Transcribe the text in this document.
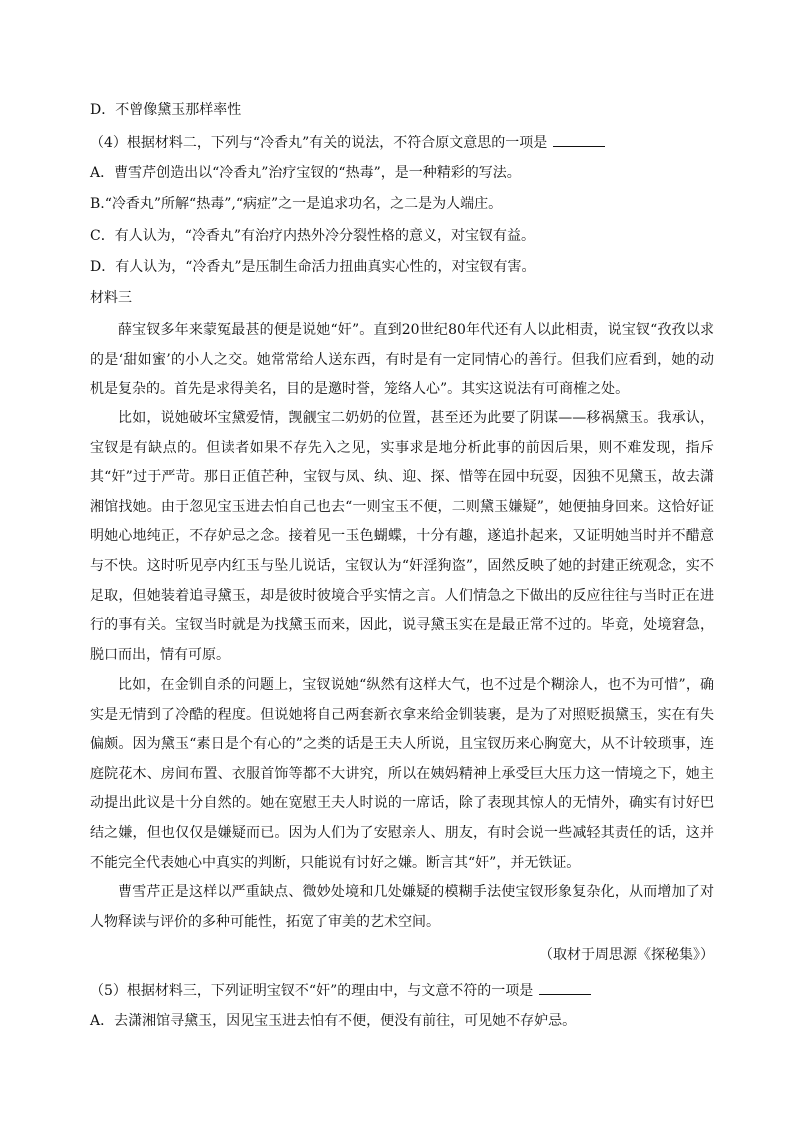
D．不曾像黛玉那样率性
（4）根据材料二，下列与“冷香丸”有关的说法，不符合原文意思的一项是
A．曹雪芹创造出以“冷香丸”治疗宝钗的“热毒”，是一种精彩的写法。
B.“冷香丸”所解“热毒”,“病症”之一是追求功名，之二是为人端庄。
C．有人认为，“冷香丸”有治疗内热外冷分裂性格的意义，对宝钗有益。
D．有人认为，“冷香丸”是压制生命活力扭曲真实心性的，对宝钗有害。
材料三
薛宝钗多年来蒙冤最甚的便是说她“奸”。直到20世纪80年代还有人以此相责，说宝钗“孜孜以求的是‘甜如蜜’的小人之交。她常常给人送东西，有时是有一定同情心的善行。但我们应看到，她的动机是复杂的。首先是求得美名，目的是邀时誉，笼络人心”。其实这说法有可商榷之处。
比如，说她破坏宝黛爱情，觊觎宝二奶奶的位置，甚至还为此要了阴谋——移祸黛玉。我承认，宝钗是有缺点的。但读者如果不存先入之见，实事求是地分析此事的前因后果，则不难发现，指斥其“奸”过于严苛。那日正值芒种，宝钗与凤、纨、迎、探、惜等在园中玩耍，因独不见黛玉，故去潇湘馆找她。由于忽见宝玉进去怕自己也去“一则宝玉不便，二则黛玉嫌疑”，她便抽身回来。这恰好证明她心地纯正，不存妒忌之念。接着见一玉色蝴蝶，十分有趣，遂追扑起来，又证明她当时并不醋意与不快。这时听见亭内红玉与坠儿说话，宝钗认为“奸淫狗盗”，固然反映了她的封建正统观念，实不足取，但她装着追寻黛玉，却是彼时彼境合乎实情之言。人们情急之下做出的反应往往与当时正在进行的事有关。宝钗当时就是为找黛玉而来，因此，说寻黛玉实在是最正常不过的。毕竟，处境窘急，脱口而出，情有可原。
比如，在金钏自杀的问题上，宝钗说她“纵然有这样大气，也不过是个糊涂人，也不为可惜”，确实是无情到了冷酷的程度。但说她将自己两套新衣拿来给金钏装裹，是为了对照贬损黛玉，实在有失偏颇。因为黛玉“素日是个有心的”之类的话是王夫人所说，且宝钗历来心胸宽大，从不计较琐事，连庭院花木、房间布置、衣服首饰等都不大讲究，所以在姨妈精神上承受巨大压力这一情境之下，她主动提出此议是十分自然的。她在宽慰王夫人时说的一席话，除了表现其惊人的无情外，确实有讨好巴结之嫌，但也仅仅是嫌疑而已。因为人们为了安慰亲人、朋友，有时会说一些减轻其责任的话，这并不能完全代表她心中真实的判断，只能说有讨好之嫌。断言其“奸”，并无铁证。
曹雪芹正是这样以严重缺点、微妙处境和几处嫌疑的模糊手法使宝钗形象复杂化，从而增加了对人物释读与评价的多种可能性，拓宽了审美的艺术空间。
（取材于周思源《探秘集》）
（5）根据材料三，下列证明宝钗不“奸”的理由中，与文意不符的一项是
A．去潇湘馆寻黛玉，因见宝玉进去怕有不便，便没有前往，可见她不存妒忌。
